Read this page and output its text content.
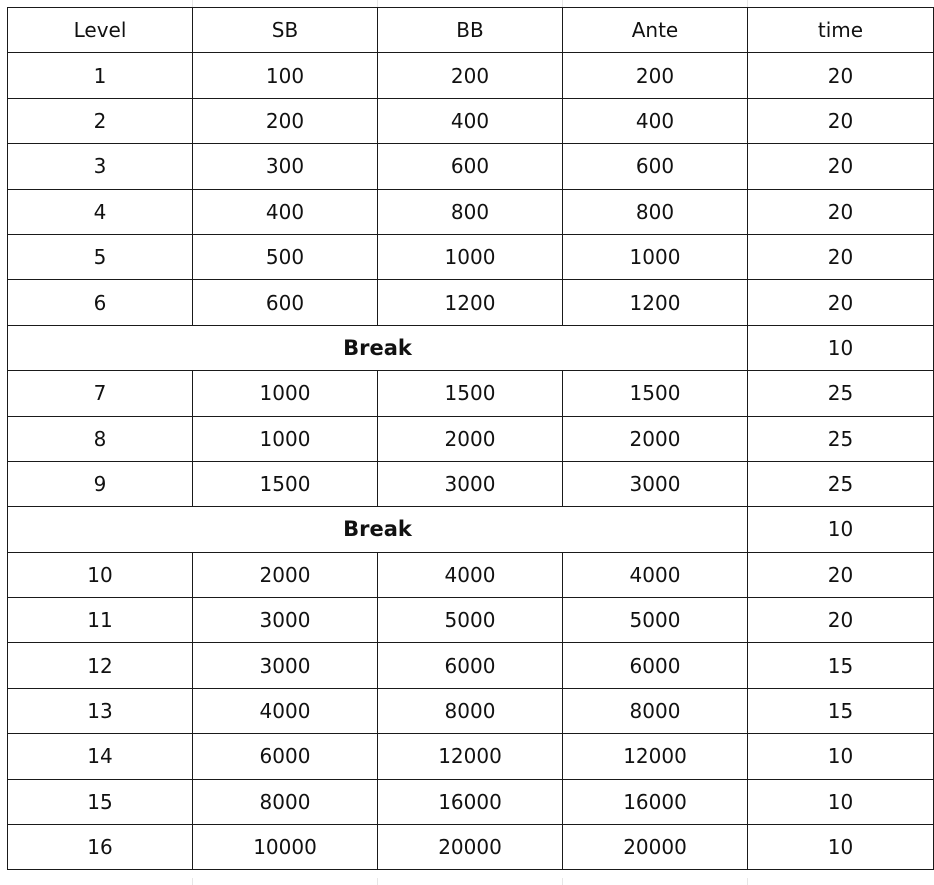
Level	SB	BB	Ante	time
1	100	200	200	20
2	200	400	400	20
3	300	600	600	20
4	400	800	800	20
5	500	1000	1000	20
6	600	1200	1200	20
Break				10
7	1000	1500	1500	25
8	1000	2000	2000	25
9	1500	3000	3000	25
Break				10
10	2000	4000	4000	20
11	3000	5000	5000	20
12	3000	6000	6000	15
13	4000	8000	8000	15
14	6000	12000	12000	10
15	8000	16000	16000	10
16	10000	20000	20000	10
